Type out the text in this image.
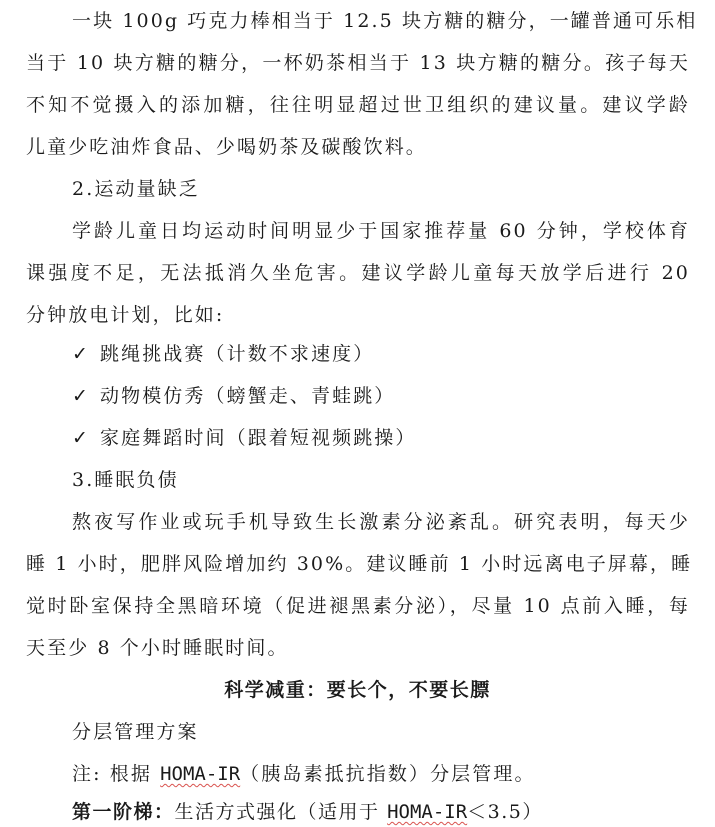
一块 100g 巧克力棒相当于 12.5 块方糖的糖分，一罐普通可乐相
当于 10 块方糖的糖分，一杯奶茶相当于 13 块方糖的糖分。孩子每天
不知不觉摄入的添加糖，往往明显超过世卫组织的建议量。建议学龄
儿童少吃油炸食品、少喝奶茶及碳酸饮料。
2.运动量缺乏
学龄儿童日均运动时间明显少于国家推荐量 60 分钟，学校体育
课强度不足，无法抵消久坐危害。建议学龄儿童每天放学后进行 20
分钟放电计划，比如:
✓ 跳绳挑战赛（计数不求速度）
✓ 动物模仿秀（螃蟹走、青蛙跳）
✓ 家庭舞蹈时间（跟着短视频跳操）
3.睡眠负债
熬夜写作业或玩手机导致生长激素分泌紊乱。研究表明，每天少
睡 1 小时，肥胖风险增加约 30%。建议睡前 1 小时远离电子屏幕，睡
觉时卧室保持全黑暗环境（促进褪黑素分泌），尽量 10 点前入睡，每
天至少 8 个小时睡眠时间。
科学减重：要长个，不要长膘
分层管理方案
注: 根据 HOMA-IR（胰岛素抵抗指数）分层管理。
第一阶梯：生活方式强化（适用于 HOMA-IR＜3.5）
